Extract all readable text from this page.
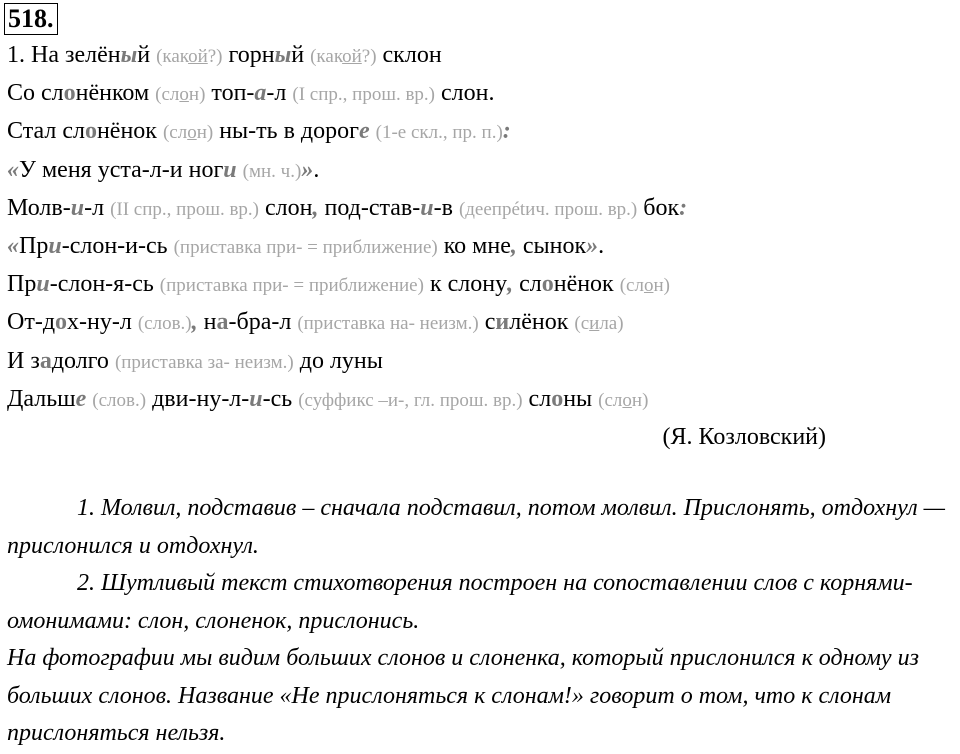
518.
1. На зелёный (какой?) горный (какой?) склон
Со слонёнком (слон) топ-а-л (I спр., прош. вр.) слон.
Стал слонёнок (слон) ны-ть в дороге (1-е скл., пр. п.):
«У меня уста-л-и ноги (мн. ч.)».
Молв-и-л (II спр., прош. вр.) слон, под-став-и-в (деепрétич. прош. вр.) бок:
«При-слон-и-сь (приставка при- = приближение) ко мне, сынок».
При-слон-я-сь (приставка при- = приближение) к слону, слонёнок (слон)
От-дох-ну-л (слов.), на-бра-л (приставка на- неизм.) силёнок (сила)
И задолго (приставка за- неизм.) до луны
Дальше (слов.) дви-ну-л-и-сь (суффикс –и-, гл. прош. вр.) слоны (слон)
(Я. Козловский)

1. Молвил, подставив – сначала подставил, потом молвил. Прислонять, отдохнул — прислонился и отдохнул.

2. Шутливый текст стихотворения построен на сопоставлении слов с корнями-омонимами: слон, слоненок, прислонись.

На фотографии мы видим больших слонов и слоненка, который прислонился к одному из больших слонов. Название «Не прислоняться к слонам!» говорит о том, что к слонам прислоняться нельзя.
